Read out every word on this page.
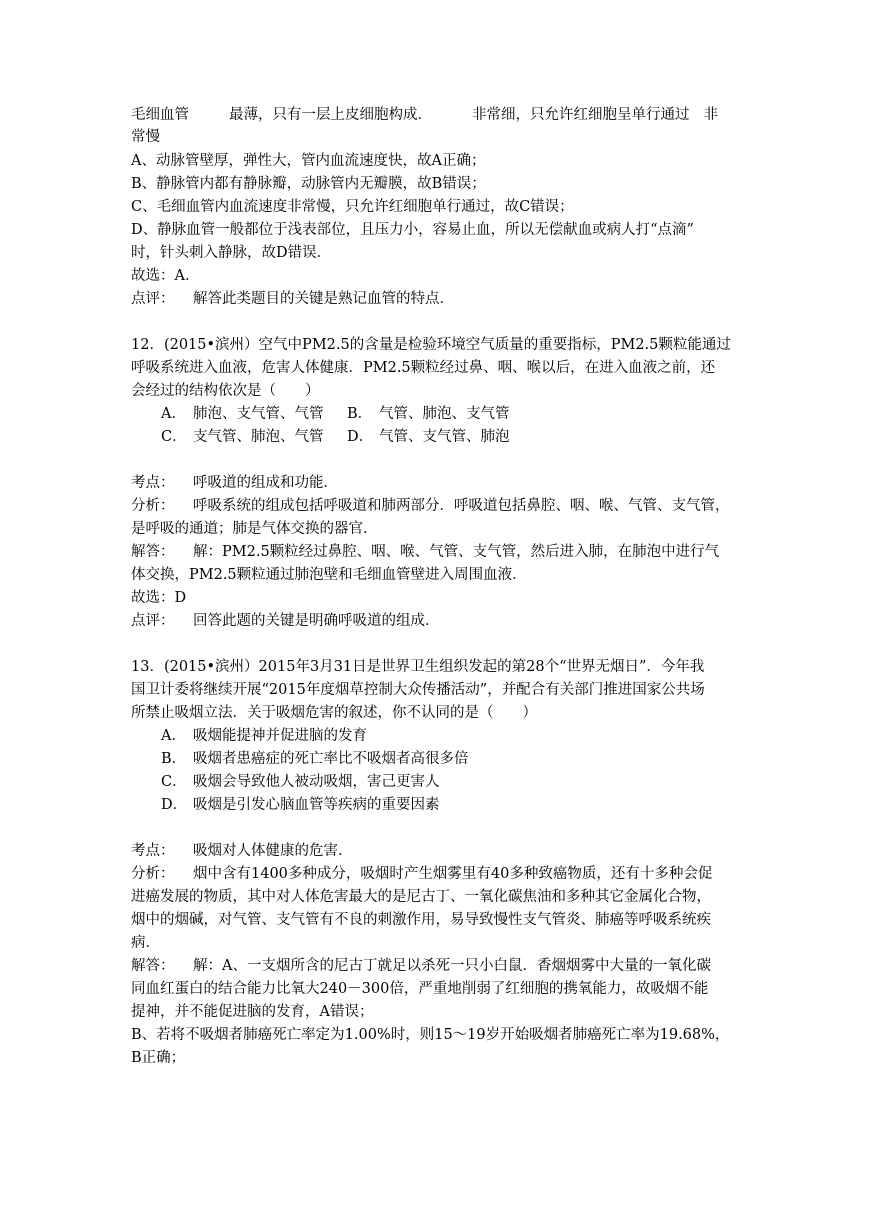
毛细血管	最薄，只有一层上皮细胞构成．	非常细，只允许红细胞呈单行通过 非
常慢
A、动脉管壁厚，弹性大，管内血流速度快，故A正确；
B、静脉管内都有静脉瓣，动脉管内无瓣膜，故B错误；
C、毛细血管内血流速度非常慢，只允许红细胞单行通过，故C错误；
D、静脉血管一般都位于浅表部位，且压力小，容易止血，所以无偿献血或病人打“点滴”
时，针头刺入静脉，故D错误．
故选：A．
点评： 解答此类题目的关键是熟记血管的特点．
12．(2015•滨州）空气中PM2.5的含量是检验环境空气质量的重要指标，PM2.5颗粒能通过
呼吸系统进入血液，危害人体健康．PM2.5颗粒经过鼻、咽、喉以后，在进入血液之前，还
会经过的结构依次是（　　）
A． 肺泡、支气管、气管 B． 气管、肺泡、支气管
C． 支气管、肺泡、气管 D． 气管、支气管、肺泡
考点： 呼吸道的组成和功能．
分析： 呼吸系统的组成包括呼吸道和肺两部分．呼吸道包括鼻腔、咽、喉、气管、支气管，
是呼吸的通道；肺是气体交换的器官．
解答： 解：PM2.5颗粒经过鼻腔、咽、喉、气管、支气管，然后进入肺，在肺泡中进行气
体交换，PM2.5颗粒通过肺泡壁和毛细血管壁进入周围血液．
故选：D
点评： 回答此题的关键是明确呼吸道的组成．
13．(2015•滨州）2015年3月31日是世界卫生组织发起的第28个“世界无烟日”．今年我
国卫计委将继续开展“2015年度烟草控制大众传播活动”，并配合有关部门推进国家公共场
所禁止吸烟立法．关于吸烟危害的叙述，你不认同的是（　　）
A． 吸烟能提神并促进脑的发育
B． 吸烟者患癌症的死亡率比不吸烟者高很多倍
C． 吸烟会导致他人被动吸烟，害己更害人
D． 吸烟是引发心脑血管等疾病的重要因素
考点： 吸烟对人体健康的危害．
分析： 烟中含有1400多种成分，吸烟时产生烟雾里有40多种致癌物质，还有十多种会促
进癌发展的物质，其中对人体危害最大的是尼古丁、一氧化碳焦油和多种其它金属化合物，
烟中的烟碱，对气管、支气管有不良的刺激作用，易导致慢性支气管炎、肺癌等呼吸系统疾
病．
解答： 解：A、一支烟所含的尼古丁就足以杀死一只小白鼠．香烟烟雾中大量的一氧化碳
同血红蛋白的结合能力比氧大240－300倍，严重地削弱了红细胞的携氧能力，故吸烟不能
提神，并不能促进脑的发育，A错误；
B、若将不吸烟者肺癌死亡率定为1.00%时，则15～19岁开始吸烟者肺癌死亡率为19.68%，
B正确；
